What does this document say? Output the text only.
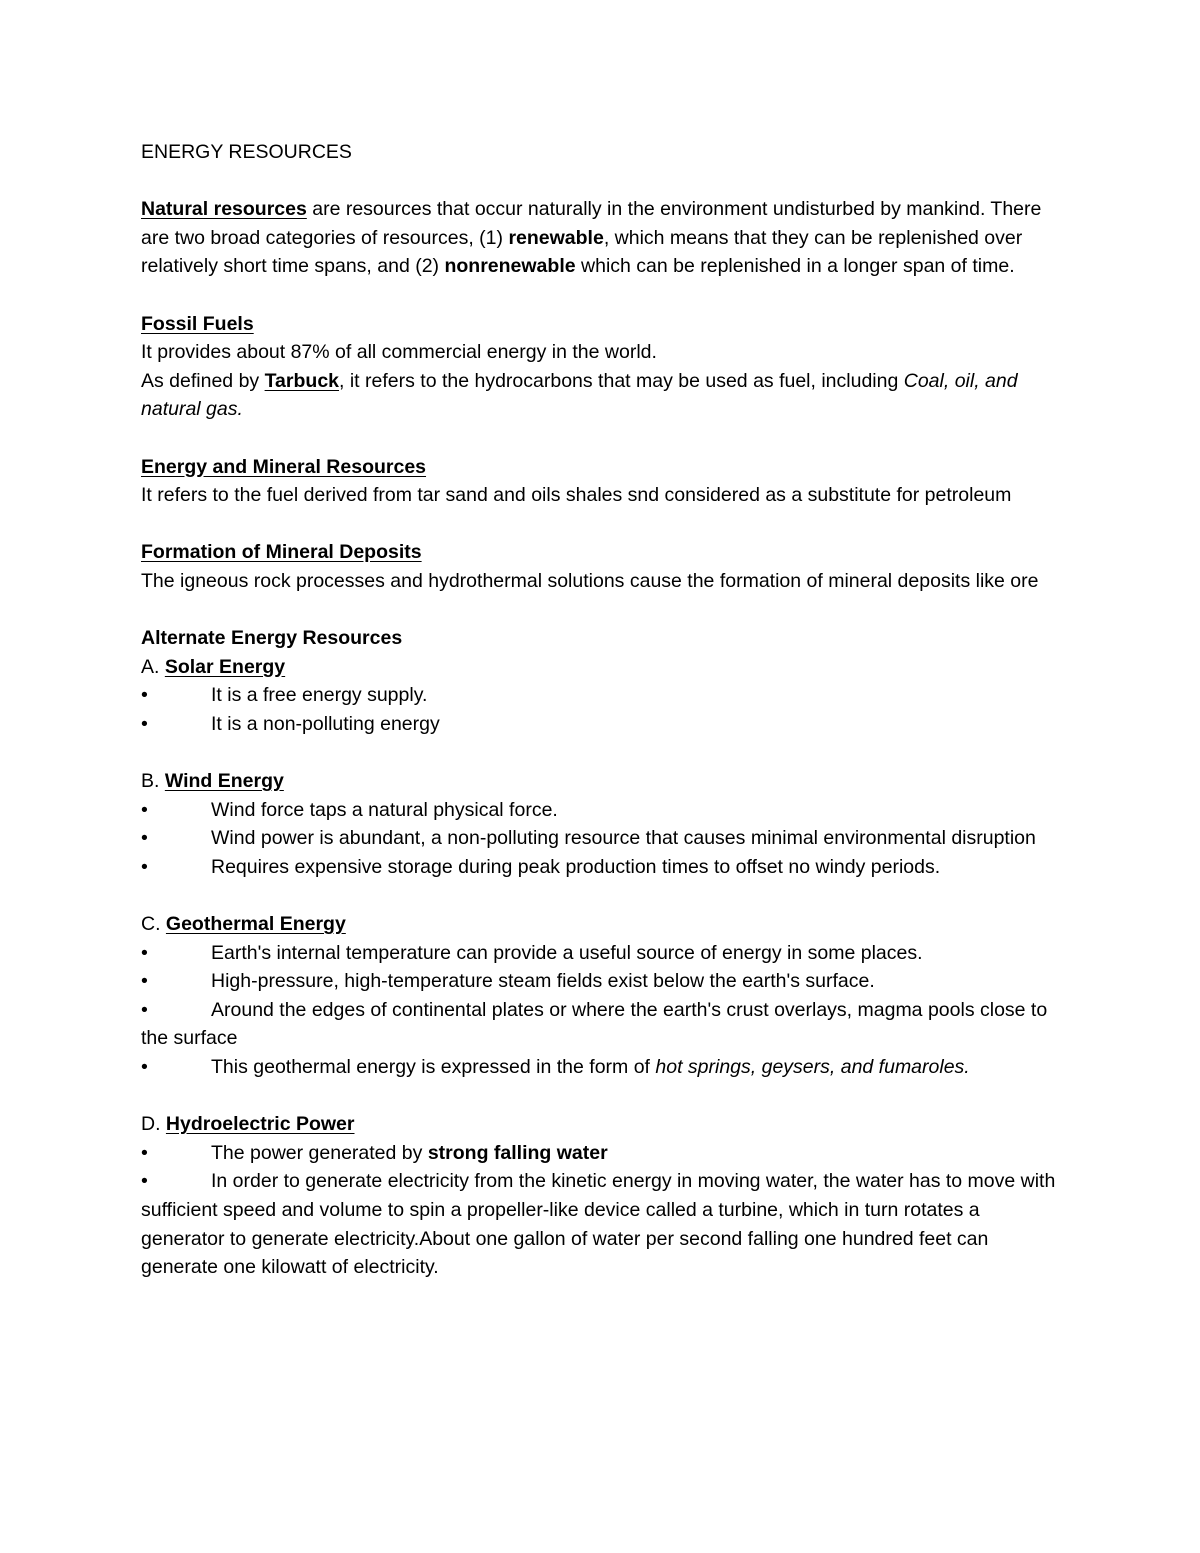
ENERGY RESOURCES

Natural resources are resources that occur naturally in the environment undisturbed by mankind. There are two broad categories of resources, (1) renewable, which means that they can be replenished over relatively short time spans, and (2) nonrenewable which can be replenished in a longer span of time.

Fossil Fuels

It provides about 87% of all commercial energy in the world.

As defined by Tarbuck, it refers to the hydrocarbons that may be used as fuel, including Coal, oil, and natural gas.

Energy and Mineral Resources

It refers to the fuel derived from tar sand and oils shales snd considered as a substitute for petroleum

Formation of Mineral Deposits

The igneous rock processes and hydrothermal solutions cause the formation of mineral deposits like ore

Alternate Energy Resources

A. Solar Energy

•	It is a free energy supply.

•	It is a non-polluting energy

B. Wind Energy

•	Wind force taps a natural physical force.

•	Wind power is abundant, a non-polluting resource that causes minimal environmental disruption

•	Requires expensive storage during peak production times to offset no windy periods.

C. Geothermal Energy

•	Earth's internal temperature can provide a useful source of energy in some places.

•	High-pressure, high-temperature steam fields exist below the earth's surface.

•	Around the edges of continental plates or where the earth's crust overlays, magma pools close to the surface

•	This geothermal energy is expressed in the form of hot springs, geysers, and fumaroles.

D. Hydroelectric Power

•	The power generated by strong falling water

•	In order to generate electricity from the kinetic energy in moving water, the water has to move with sufficient speed and volume to spin a propeller-like device called a turbine, which in turn rotates a generator to generate electricity.About one gallon of water per second falling one hundred feet can generate one kilowatt of electricity.
